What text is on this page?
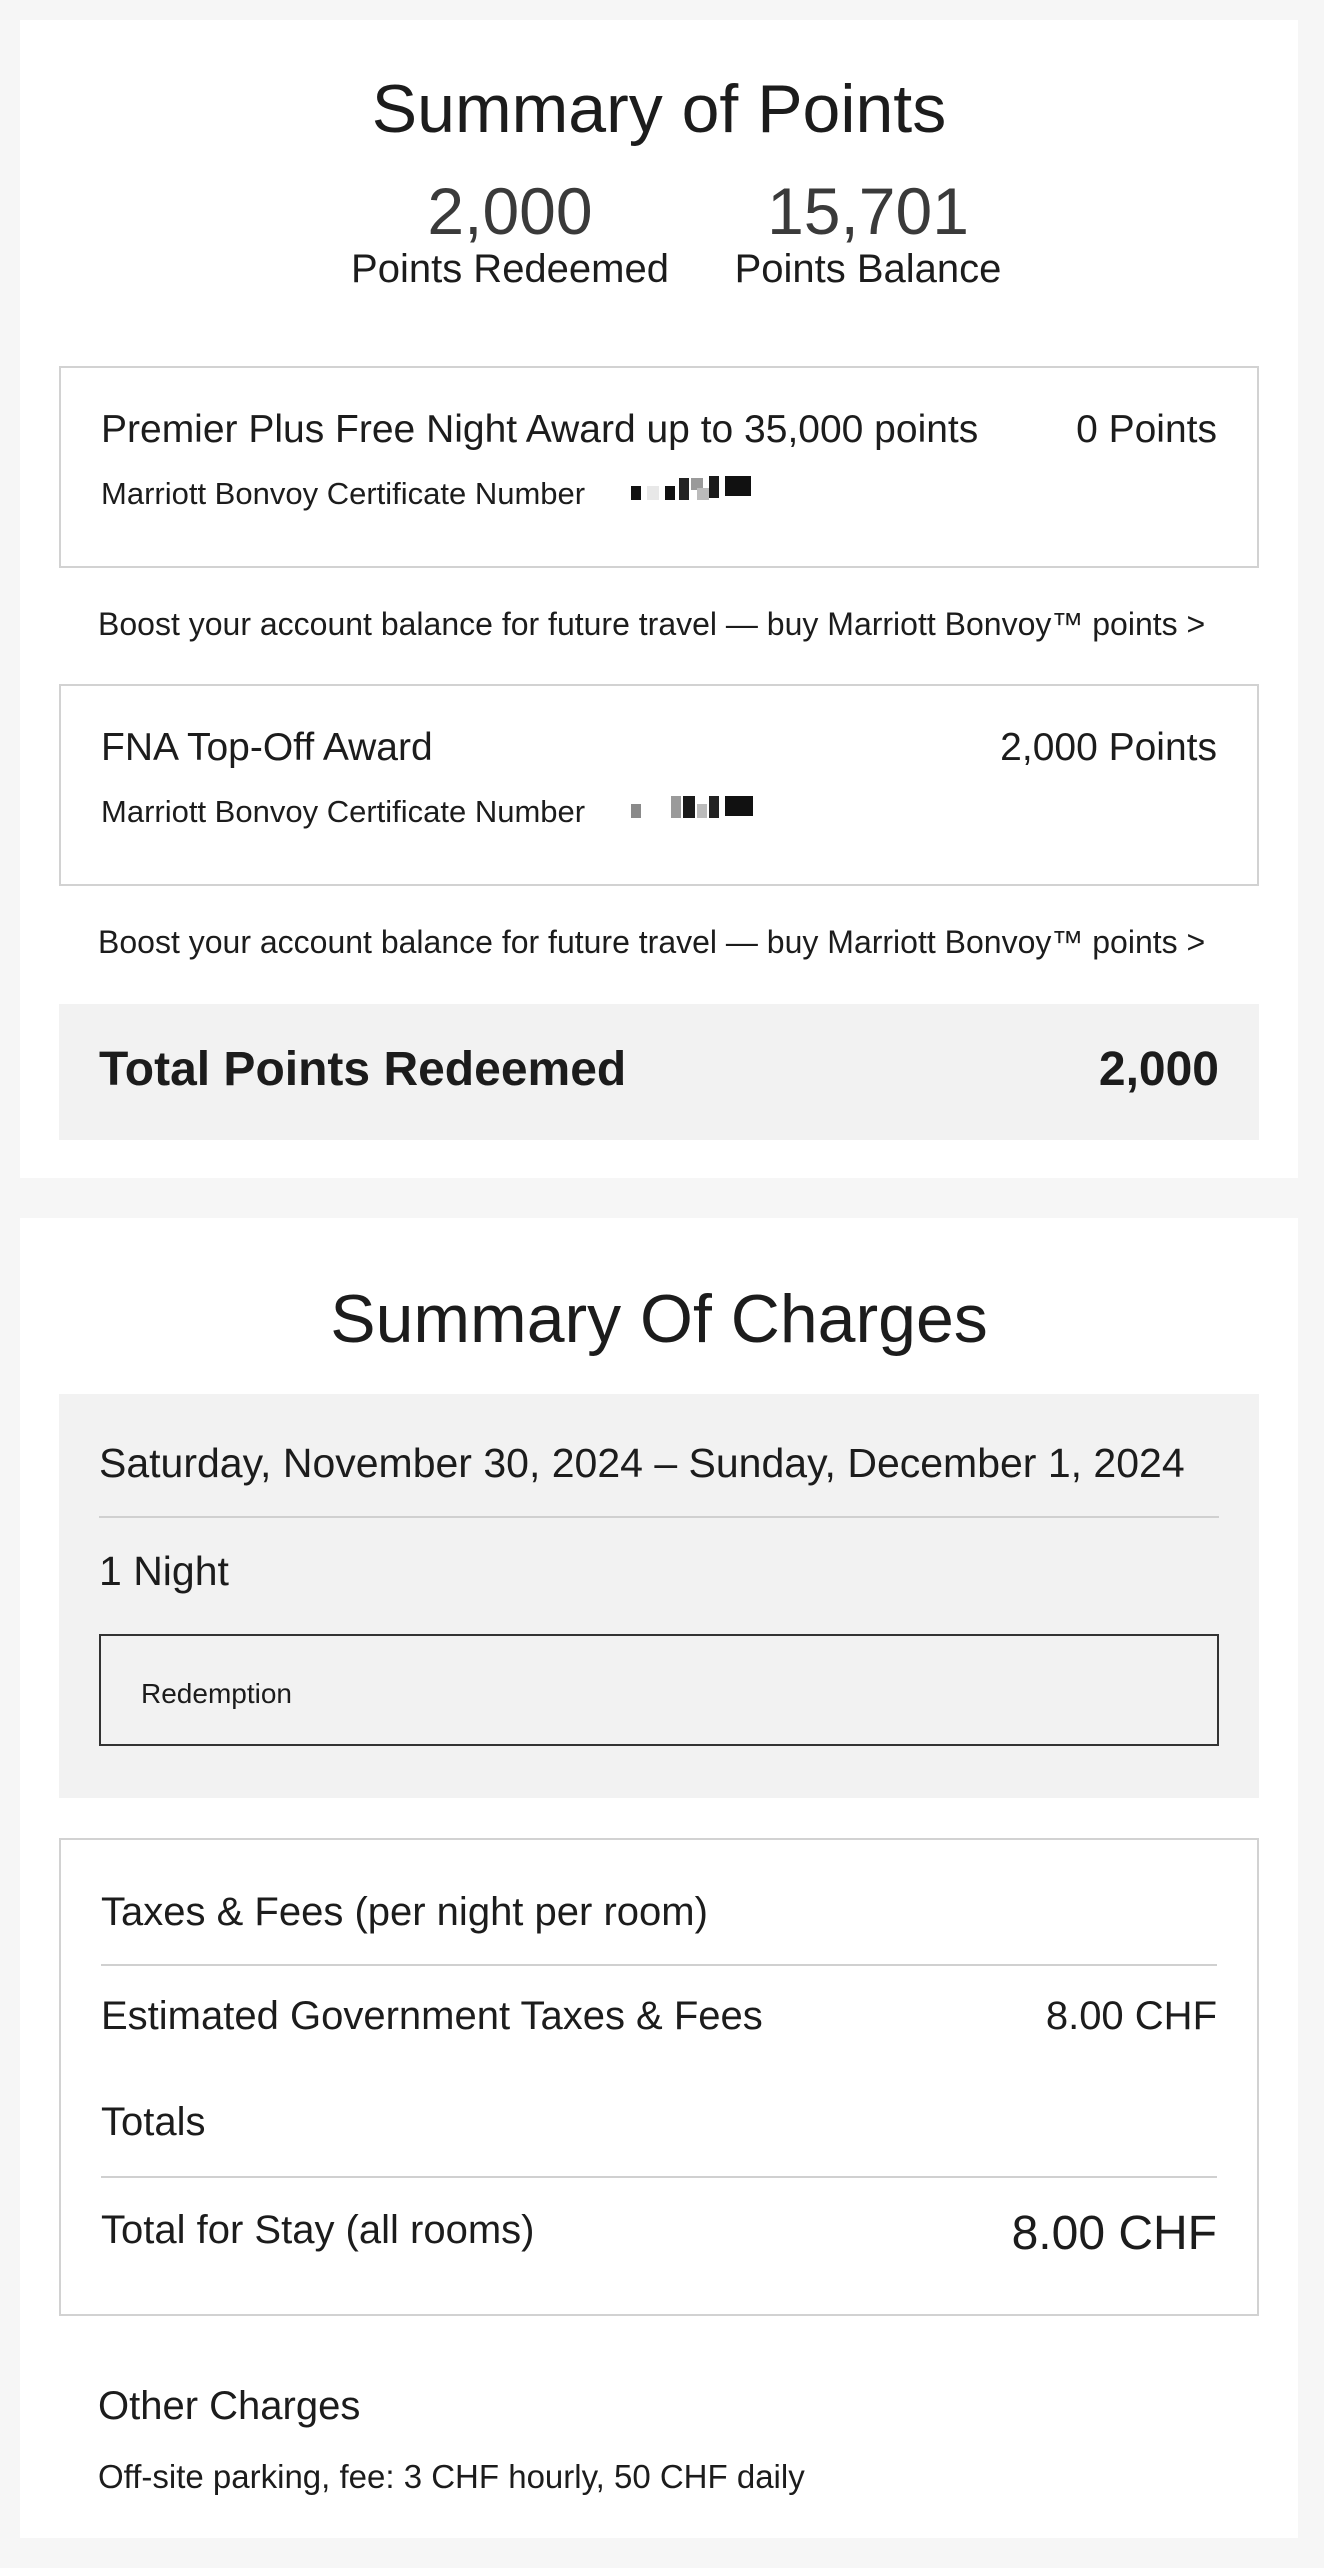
Summary of Points
2,000
Points Redeemed
15,701
Points Balance
Premier Plus Free Night Award up to 35,000 points	0 Points
Marriott Bonvoy Certificate Number
Boost your account balance for future travel — buy Marriott Bonvoy™ points >
FNA Top-Off Award	2,000 Points
Marriott Bonvoy Certificate Number
Boost your account balance for future travel — buy Marriott Bonvoy™ points >
Total Points Redeemed	2,000
Summary Of Charges
Saturday, November 30, 2024 – Sunday, December 1, 2024
1 Night
Redemption
Taxes & Fees (per night per room)
Estimated Government Taxes & Fees	8.00 CHF
Totals
Total for Stay (all rooms)	8.00 CHF
Other Charges
Off-site parking, fee: 3 CHF hourly, 50 CHF daily
